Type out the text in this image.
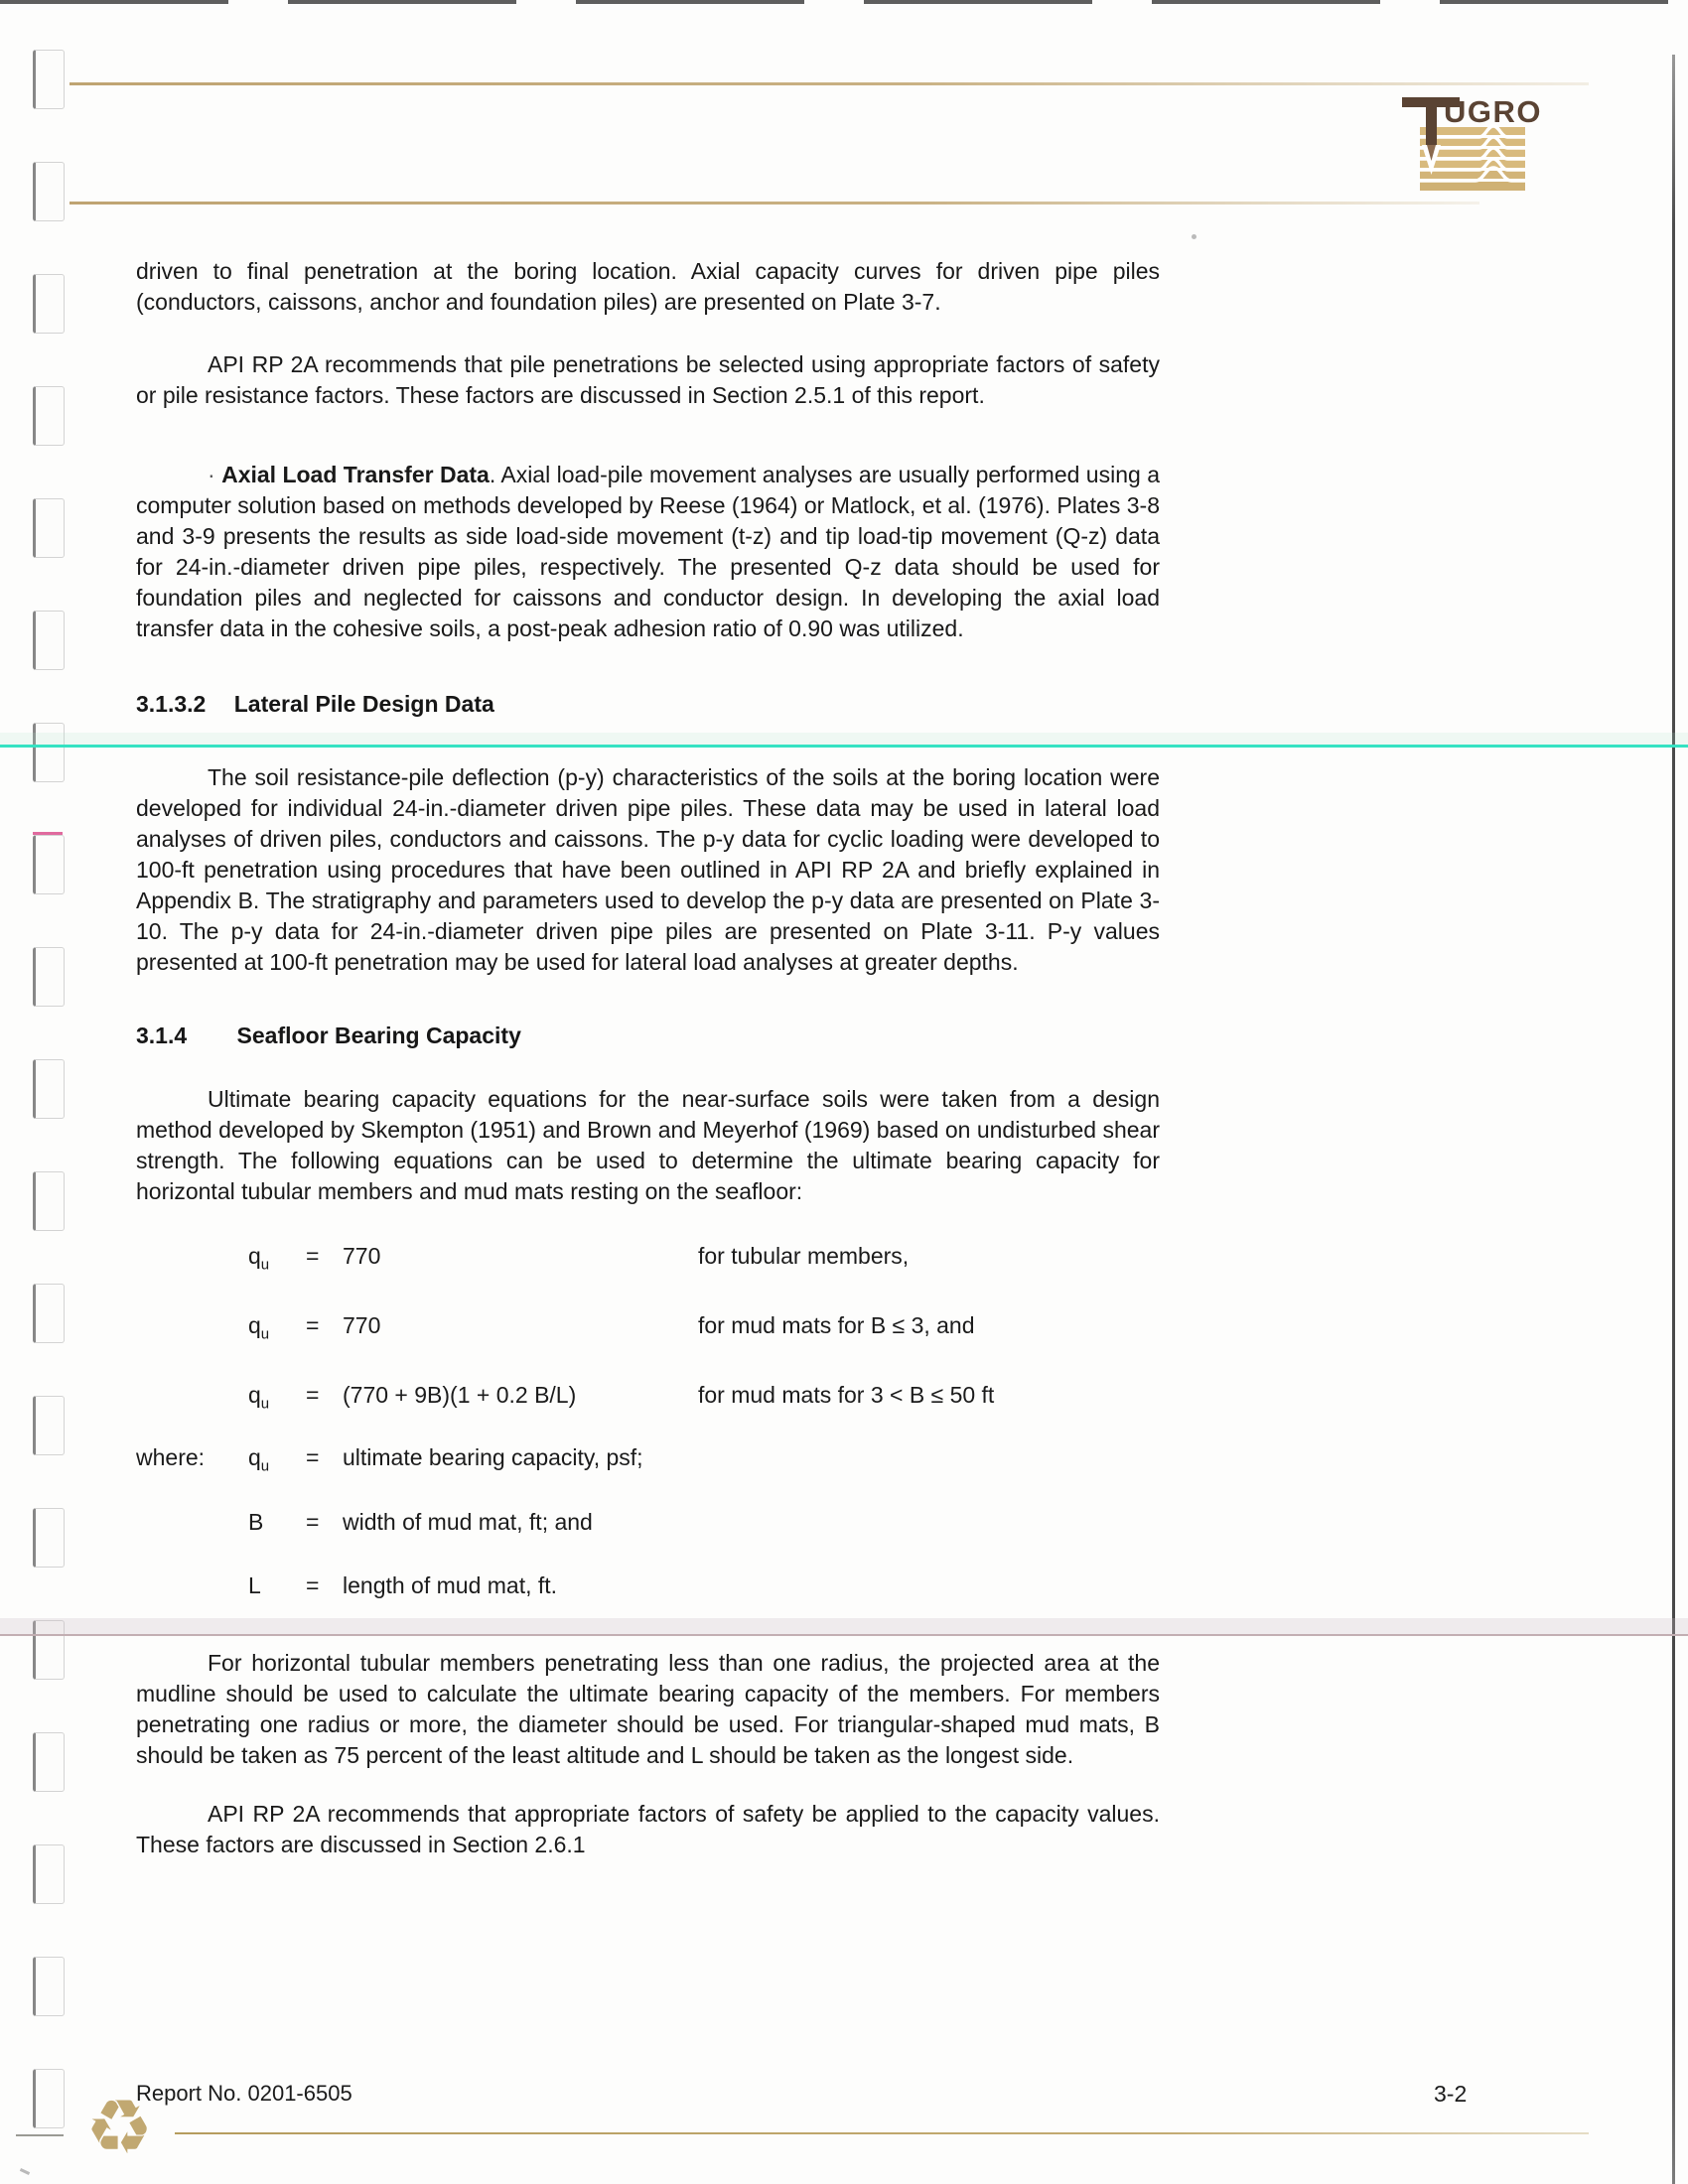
UGRO
driven to final penetration at the boring location. Axial capacity curves for driven pipe piles (conductors, caissons, anchor and foundation piles) are presented on Plate 3-7.
API RP 2A recommends that pile penetrations be selected using appropriate factors of safety or pile resistance factors. These factors are discussed in Section 2.5.1 of this report.
· Axial Load Transfer Data. Axial load-pile movement analyses are usually performed using a computer solution based on methods developed by Reese (1964) or Matlock, et al. (1976). Plates 3-8 and 3-9 presents the results as side load-side movement (t-z) and tip load-tip movement (Q-z) data for 24-in.-diameter driven pipe piles, respectively. The presented Q-z data should be used for foundation piles and neglected for caissons and conductor design. In developing the axial load transfer data in the cohesive soils, a post-peak adhesion ratio of 0.90 was utilized.
3.1.3.2 Lateral Pile Design Data
The soil resistance-pile deflection (p-y) characteristics of the soils at the boring location were developed for individual 24-in.-diameter driven pipe piles. These data may be used in lateral load analyses of driven piles, conductors and caissons. The p-y data for cyclic loading were developed to 100-ft penetration using procedures that have been outlined in API RP 2A and briefly explained in Appendix B. The stratigraphy and parameters used to develop the p-y data are presented on Plate 3-10. The p-y data for 24-in.-diameter driven pipe piles are presented on Plate 3-11. P-y values presented at 100-ft penetration may be used for lateral load analyses at greater depths.
3.1.4 Seafloor Bearing Capacity
Ultimate bearing capacity equations for the near-surface soils were taken from a design method developed by Skempton (1951) and Brown and Meyerhof (1969) based on undisturbed shear strength. The following equations can be used to determine the ultimate bearing capacity for horizontal tubular members and mud mats resting on the seafloor:
$q_u = 770$	for tubular members,
$q_u = 770$	for mud mats for B ≤ 3, and
$q_u = (770 + 9B)(1 + 0.2$ B/L)	for mud mats for 3 < B ≤ 50 ft
where: $q_u$ = ultimate bearing capacity, psf;
B = width of mud mat, ft; and
L = length of mud mat, ft.
For horizontal tubular members penetrating less than one radius, the projected area at the mudline should be used to calculate the ultimate bearing capacity of the members. For members penetrating one radius or more, the diameter should be used. For triangular-shaped mud mats, B should be taken as 75 percent of the least altitude and L should be taken as the longest side.
API RP 2A recommends that appropriate factors of safety be applied to the capacity values. These factors are discussed in Section 2.6.1
Report No. 0201-6505	3-2
♻
